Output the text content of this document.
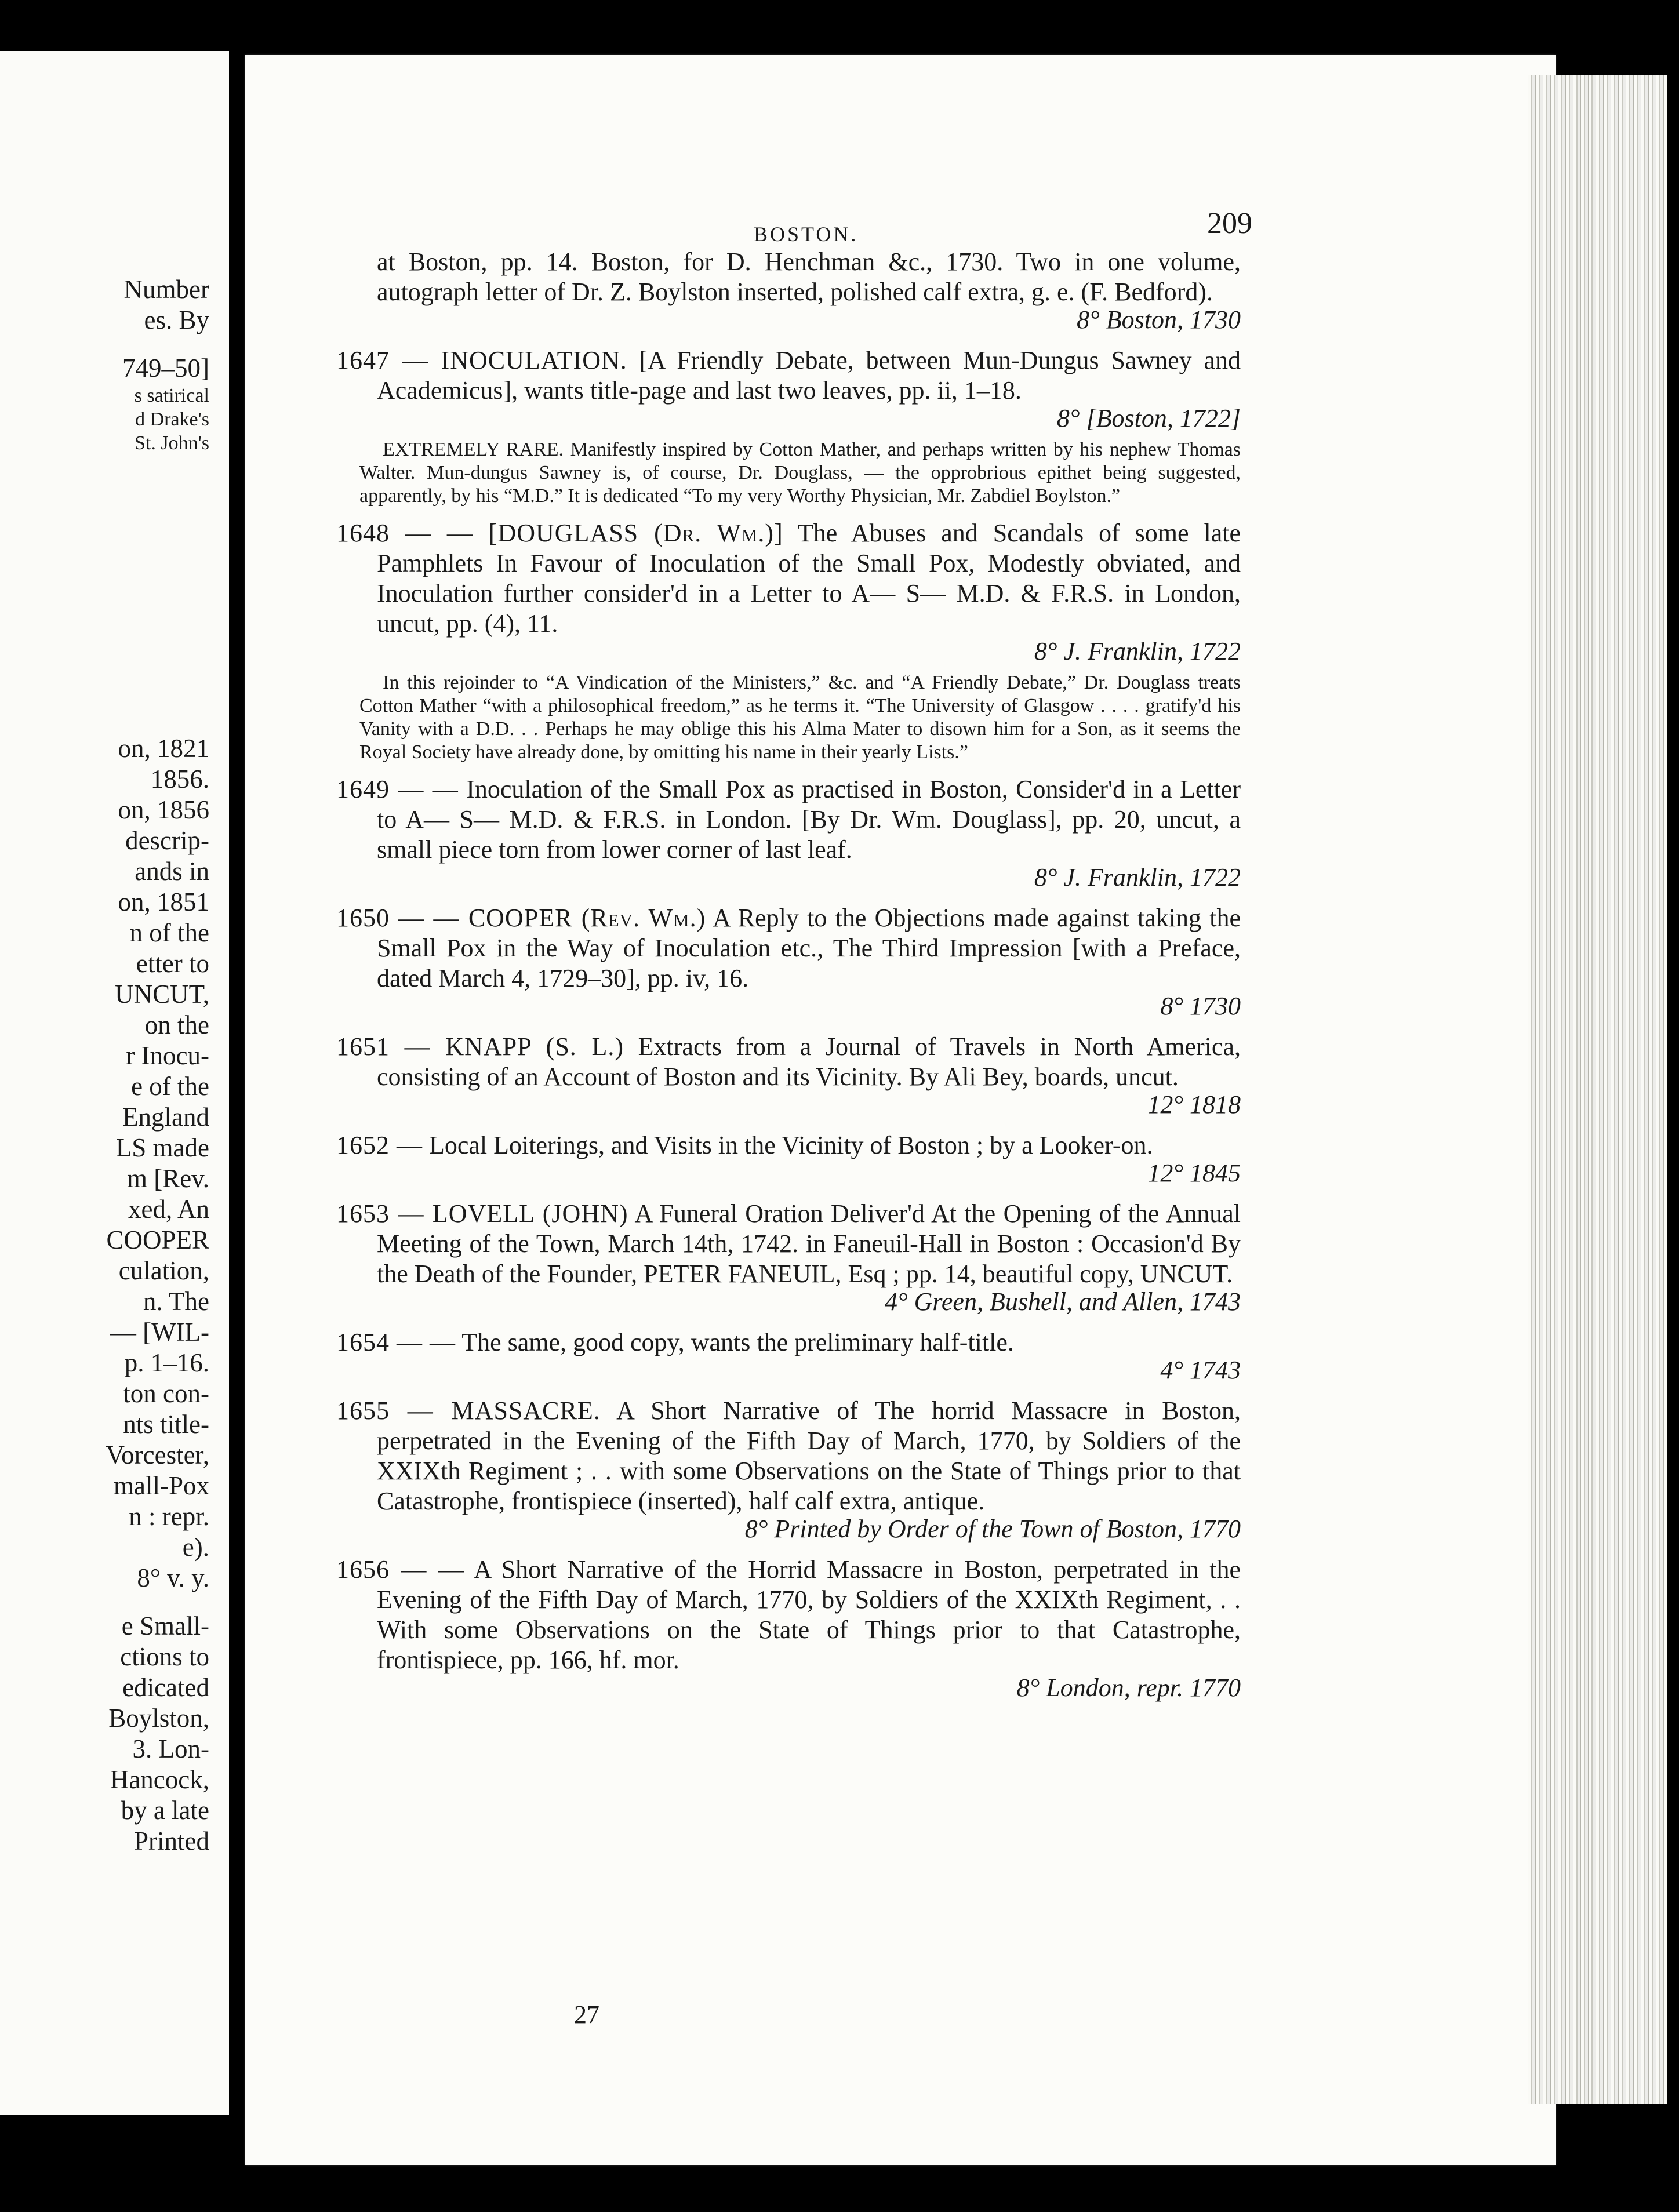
Number
es. By
749–50]
s satirical
d Drake's
St. John's
on, 1821
1856.
on, 1856
descrip-
ands in
on, 1851
n of the
etter to
UNCUT,
on the
r Inocu-
e of the
England
LS made
m [Rev.
xed, An
COOPER
culation,
n. The
— [WIL-
p. 1–16.
ton con-
nts title-
Vorcester,
mall-Pox
n : repr.
e).
8° v. y.
e Small-
ctions to
edicated
Boylston,
3. Lon-
Hancock,
by a late
Printed
BOSTON.	209

at Boston, pp. 14. Boston, for D. Henchman &c., 1730. Two in one volume, autograph letter of Dr. Z. Boylston inserted, polished calf extra, g. e. (F. Bedford).

8° Boston, 1730

1647 — INOCULATION. [A Friendly Debate, between Mun-Dungus Sawney and Academicus], wants title-page and last two leaves, pp. ii, 1–18.

8° [Boston, 1722]

EXTREMELY RARE. Manifestly inspired by Cotton Mather, and perhaps written by his nephew Thomas Walter. Mun-dungus Sawney is, of course, Dr. Douglass, — the opprobrious epithet being suggested, apparently, by his “M.D.” It is dedicated “To my very Worthy Physician, Mr. Zabdiel Boylston.”

1648 — — [DOUGLASS (Dr. Wm.)] The Abuses and Scandals of some late Pamphlets In Favour of Inoculation of the Small Pox, Modestly obviated, and Inoculation further consider'd in a Letter to A— S— M.D. & F.R.S. in London, uncut, pp. (4), 11.

8° J. Franklin, 1722

In this rejoinder to “A Vindication of the Ministers,” &c. and “A Friendly Debate,” Dr. Douglass treats Cotton Mather “with a philosophical freedom,” as he terms it. “The University of Glasgow . . . . gratify'd his Vanity with a D.D. . . Perhaps he may oblige this his Alma Mater to disown him for a Son, as it seems the Royal Society have already done, by omitting his name in their yearly Lists.”

1649 — — Inoculation of the Small Pox as practised in Boston, Consider'd in a Letter to A— S— M.D. & F.R.S. in London. [By Dr. Wm. Douglass], pp. 20, uncut, a small piece torn from lower corner of last leaf.

8° J. Franklin, 1722

1650 — — COOPER (Rev. Wm.) A Reply to the Objections made against taking the Small Pox in the Way of Inoculation etc., The Third Impression [with a Preface, dated March 4, 1729–30], pp. iv, 16.

8° 1730

1651 — KNAPP (S. L.) Extracts from a Journal of Travels in North America, consisting of an Account of Boston and its Vicinity. By Ali Bey, boards, uncut.

12° 1818

1652 — Local Loiterings, and Visits in the Vicinity of Boston ; by a Looker-on.

12° 1845

1653 — LOVELL (JOHN) A Funeral Oration Deliver'd At the Opening of the Annual Meeting of the Town, March 14th, 1742. in Faneuil-Hall in Boston : Occasion'd By the Death of the Founder, PETER FANEUIL, Esq ; pp. 14, beautiful copy, UNCUT.

4° Green, Bushell, and Allen, 1743

1654 — — The same, good copy, wants the preliminary half-title.

4° 1743

1655 — MASSACRE. A Short Narrative of The horrid Massacre in Boston, perpetrated in the Evening of the Fifth Day of March, 1770, by Soldiers of the XXIXth Regiment ; . . with some Observations on the State of Things prior to that Catastrophe, frontispiece (inserted), half calf extra, antique.

8° Printed by Order of the Town of Boston, 1770

1656 — — A Short Narrative of the Horrid Massacre in Boston, perpetrated in the Evening of the Fifth Day of March, 1770, by Soldiers of the XXIXth Regiment, . . With some Observations on the State of Things prior to that Catastrophe, frontispiece, pp. 166, hf. mor.

8° London, repr. 1770
27
